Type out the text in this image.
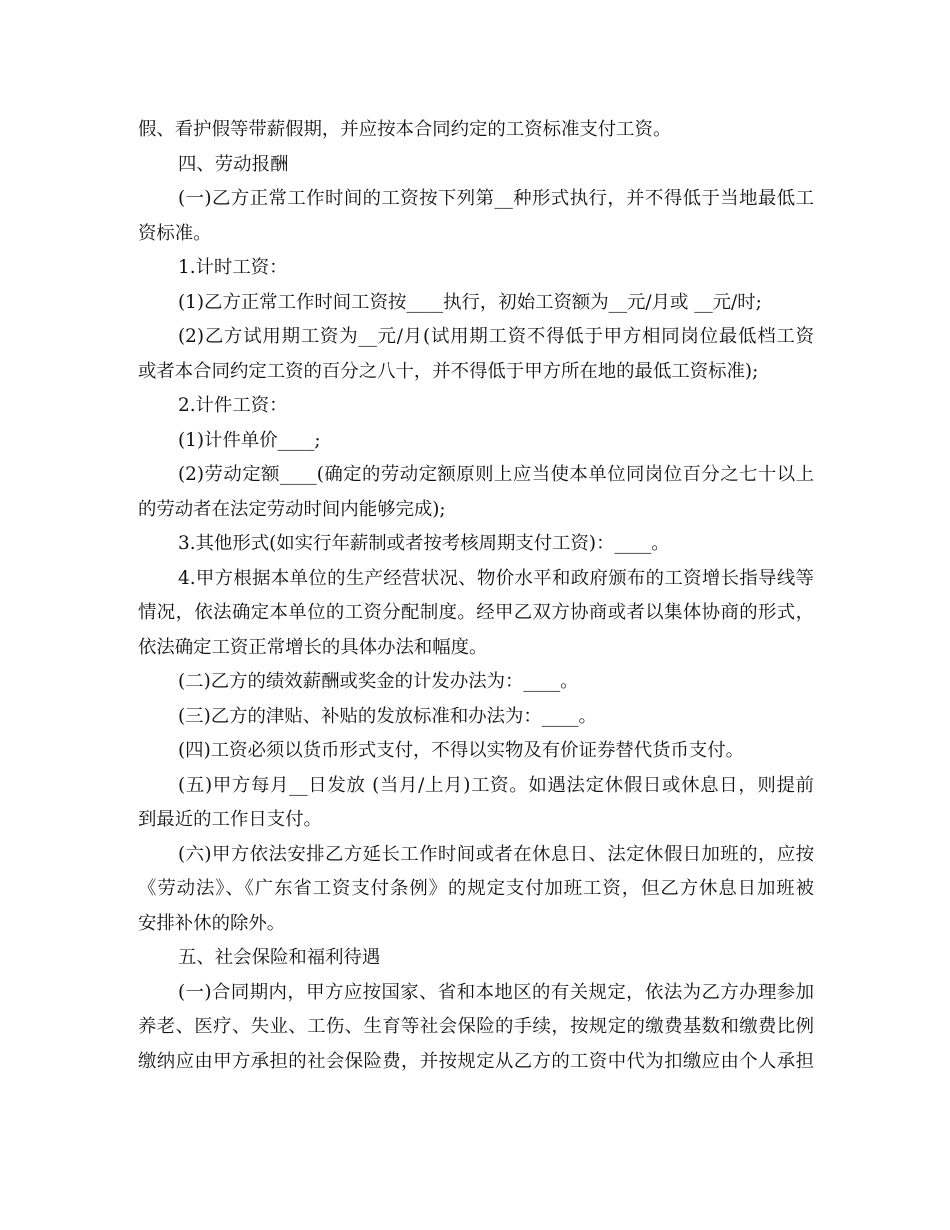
假、看护假等带薪假期，并应按本合同约定的工资标准支付工资。
四、劳动报酬
(一)乙方正常工作时间的工资按下列第__种形式执行，并不得低于当地最低工
资标准。
1.计时工资：
(1)乙方正常工作时间工资按____执行，初始工资额为__元/月或 __元/时;
(2)乙方试用期工资为__元/月(试用期工资不得低于甲方相同岗位最低档工资
或者本合同约定工资的百分之八十，并不得低于甲方所在地的最低工资标准);
2.计件工资：
(1)计件单价____;
(2)劳动定额____(确定的劳动定额原则上应当使本单位同岗位百分之七十以上
的劳动者在法定劳动时间内能够完成);
3.其他形式(如实行年薪制或者按考核周期支付工资)：____。
4.甲方根据本单位的生产经营状况、物价水平和政府颁布的工资增长指导线等
情况，依法确定本单位的工资分配制度。经甲乙双方协商或者以集体协商的形式，
依法确定工资正常增长的具体办法和幅度。
(二)乙方的绩效薪酬或奖金的计发办法为：____。
(三)乙方的津贴、补贴的发放标准和办法为：____。
(四)工资必须以货币形式支付，不得以实物及有价证券替代货币支付。
(五)甲方每月__日发放 (当月/上月)工资。如遇法定休假日或休息日，则提前
到最近的工作日支付。
(六)甲方依法安排乙方延长工作时间或者在休息日、法定休假日加班的，应按
《劳动法》、《广东省工资支付条例》的规定支付加班工资，但乙方休息日加班被
安排补休的除外。
五、社会保险和福利待遇
(一)合同期内，甲方应按国家、省和本地区的有关规定，依法为乙方办理参加
养老、医疗、失业、工伤、生育等社会保险的手续，按规定的缴费基数和缴费比例
缴纳应由甲方承担的社会保险费，并按规定从乙方的工资中代为扣缴应由个人承担
